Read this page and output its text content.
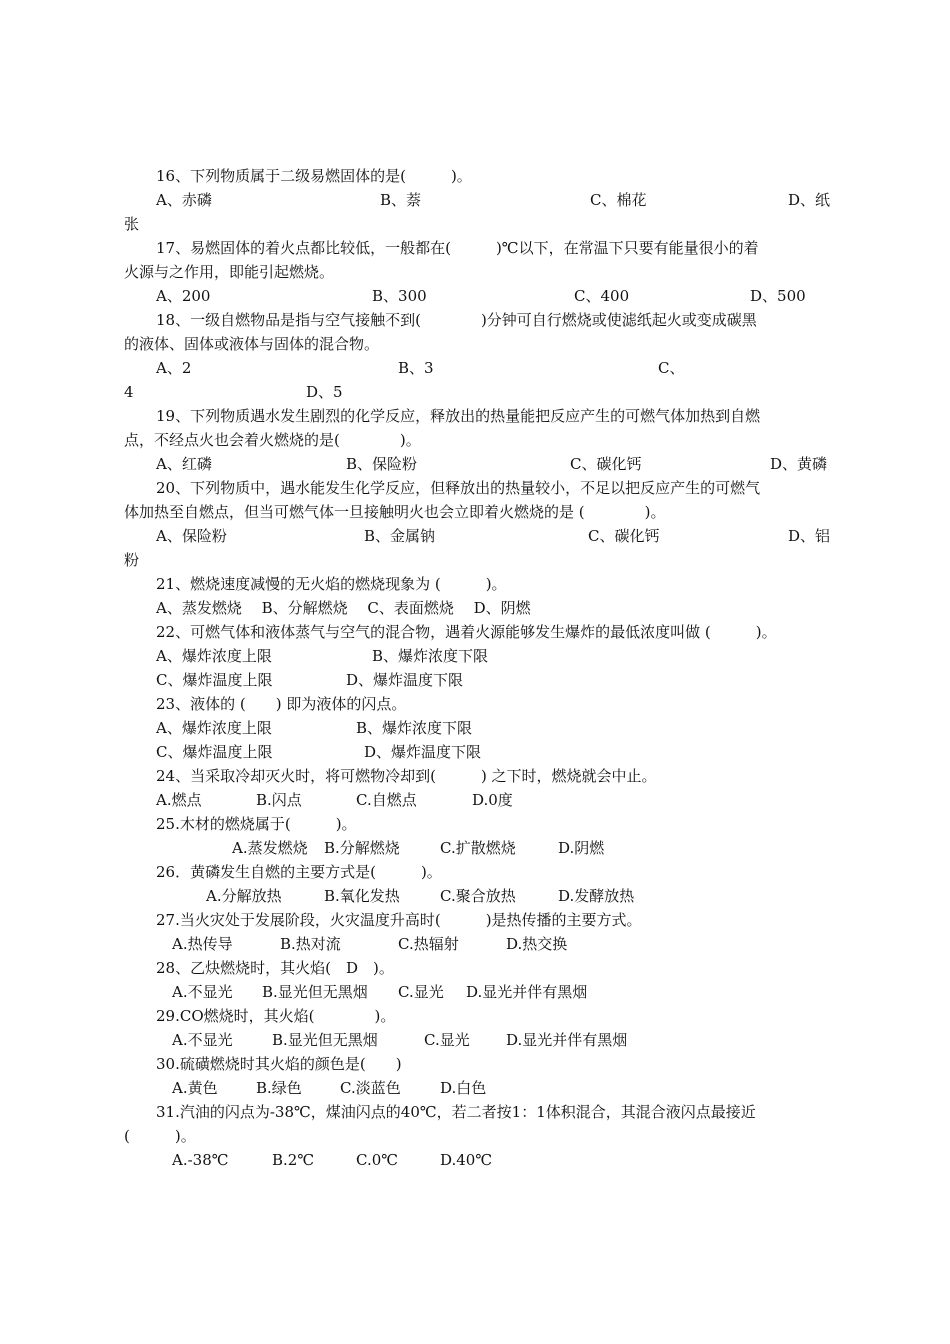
16、下列物质属于二级易燃固体的是(　　　)。
A、赤磷	B、萘	C、棉花	D、纸
张
17、易燃固体的着火点都比较低，一般都在(　　　)℃以下，在常温下只要有能量很小的着
火源与之作用，即能引起燃烧。
A、200	B、300	C、400	D、500
18、一级自燃物品是指与空气接触不到(　　　　)分钟可自行燃烧或使滤纸起火或变成碳黑
的液体、固体或液体与固体的混合物。
A、2	B、3	C、
4	D、5
19、下列物质遇水发生剧烈的化学反应，释放出的热量能把反应产生的可燃气体加热到自燃
点，不经点火也会着火燃烧的是(　　　　)。
A、红磷	B、保险粉	C、碳化钙	D、黄磷
20、下列物质中，遇水能发生化学反应，但释放出的热量较小，不足以把反应产生的可燃气
体加热至自燃点，但当可燃气体一旦接触明火也会立即着火燃烧的是 (　　　　)。
A、保险粉	B、金属钠	C、碳化钙	D、铝
粉
21、燃烧速度减慢的无火焰的燃烧现象为 (　　　)。
A、蒸发燃烧　 B、分解燃烧　 C、表面燃烧　 D、阴燃
22、可燃气体和液体蒸气与空气的混合物，遇着火源能够发生爆炸的最低浓度叫做 (　　　)。
A、爆炸浓度上限	B、爆炸浓度下限
C、爆炸温度上限	D、爆炸温度下限
23、液体的 (　　) 即为液体的闪点。
A、爆炸浓度上限	B、爆炸浓度下限
C、爆炸温度上限	D、爆炸温度下限
24、当采取冷却灭火时，将可燃物冷却到(　　　) 之下时，燃烧就会中止。
A.燃点	B.闪点	C.自燃点	D.0度
25.木材的燃烧属于(　　　)。
A.蒸发燃烧 B.分解燃烧	C.扩散燃烧	D.阴燃
26．黄磷发生自燃的主要方式是(　　　)。
A.分解放热	B.氧化发热	C.聚合放热	D.发酵放热
27.当火灾处于发展阶段，火灾温度升高时(　　　)是热传播的主要方式。
A.热传导	B.热对流	C.热辐射	D.热交换
28、乙炔燃烧时，其火焰(　D　)。
A.不显光 B.显光但无黑烟 C.显光 D.显光并伴有黑烟
29.CO燃烧时，其火焰(　　　　)。
A.不显光	B.显光但无黑烟	C.显光 D.显光并伴有黑烟
30.硫磺燃烧时其火焰的颜色是(　　)
A.黄色	B.绿色	C.淡蓝色	D.白色
31.汽油的闪点为-38℃，煤油闪点的40℃，若二者按1：1体积混合，其混合液闪点最接近
(　　　)。
A.-38℃	B.2℃	C.0℃	D.40℃
